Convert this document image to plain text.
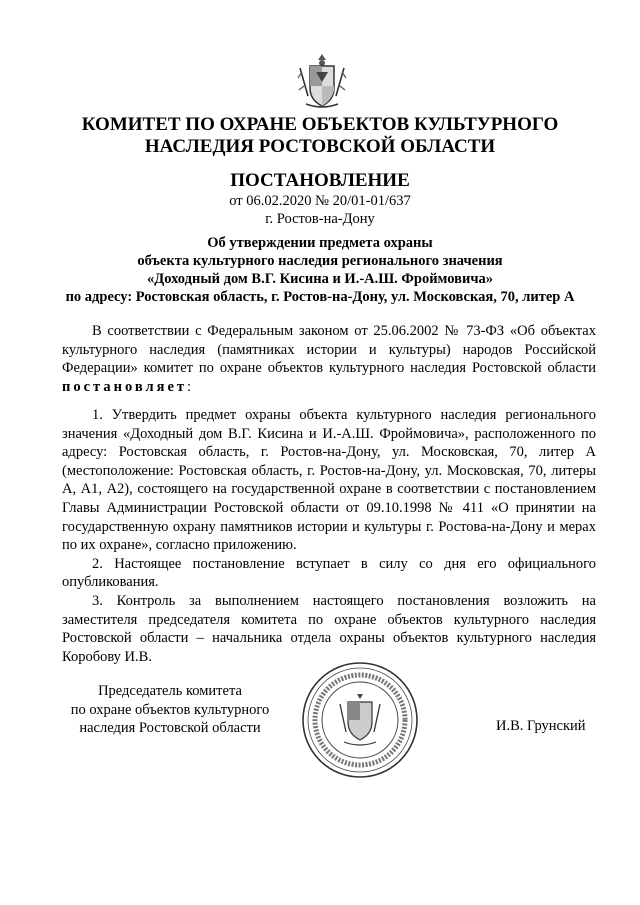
КОМИТЕТ ПО ОХРАНЕ ОБЪЕКТОВ КУЛЬТУРНОГО
НАСЛЕДИЯ РОСТОВСКОЙ ОБЛАСТИ
ПОСТАНОВЛЕНИЕ
от 06.02.2020 № 20/01-01/637
г. Ростов-на-Дону
Об утверждении предмета охраны
объекта культурного наследия регионального значения
«Доходный дом В.Г. Кисина и И.-А.Ш. Фроймовича»
по адресу: Ростовская область, г. Ростов-на-Дону, ул. Московская, 70, литер А

В соответствии с Федеральным законом от 25.06.2002 № 73-ФЗ «Об объектах культурного наследия (памятниках истории и культуры) народов Российской Федерации» комитет по охране объектов культурного наследия Ростовской области постановляет:

1. Утвердить предмет охраны объекта культурного наследия регионального значения «Доходный дом В.Г. Кисина и И.-А.Ш. Фроймовича», расположенного по адресу: Ростовская область, г. Ростов-на-Дону, ул. Московская, 70, литер А (местоположение: Ростовская область, г. Ростов-на-Дону, ул. Московская, 70, литеры А, А1, А2), состоящего на государственной охране в соответствии с постановлением Главы Администрации Ростовской области от 09.10.1998 № 411 «О принятии на государственную охрану памятников истории и культуры г. Ростова-на-Дону и мерах по их охране», согласно приложению.

2. Настоящее постановление вступает в силу со дня его официального опубликования.

3. Контроль за выполнением настоящего постановления возложить на заместителя председателя комитета по охране объектов культурного наследия Ростовской области – начальника отдела охраны объектов культурного наследия Коробову И.В.

Председатель комитета
по охране объектов культурного
наследия Ростовской области	И.В. Грунский
